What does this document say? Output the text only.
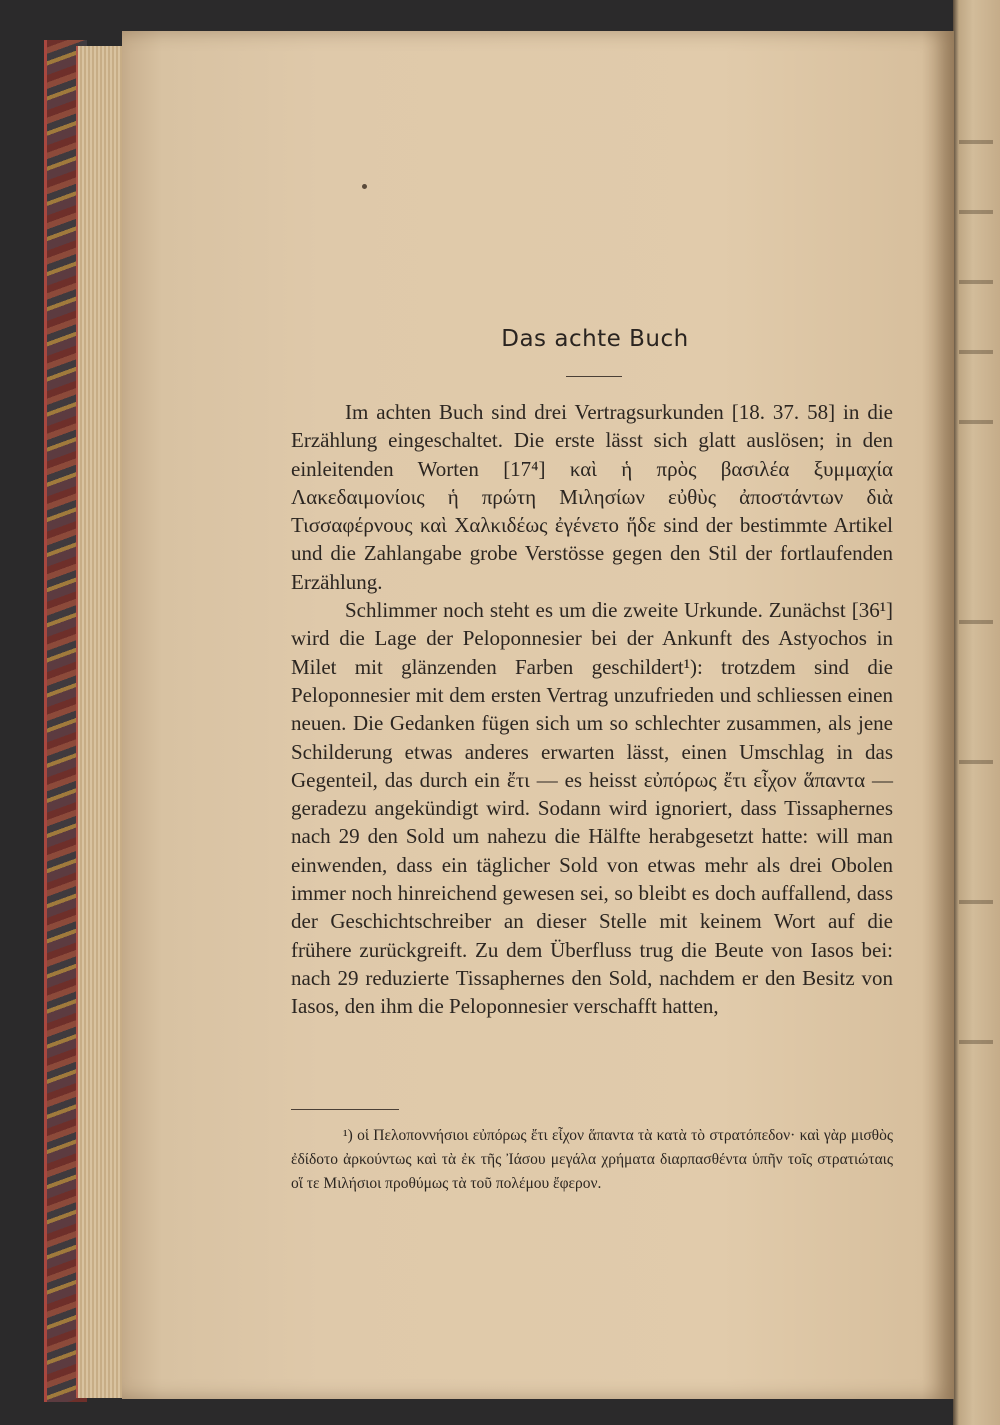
Das achte Buch

Im achten Buch sind drei Vertragsurkunden [18. 37. 58] in die Erzählung eingeschaltet. Die erste lässt sich glatt auslösen; in den einleitenden Worten [17⁴] καὶ ἡ πρὸς βασιλέα ξυμμαχία Λακεδαιμονίοις ἡ πρώτη Μιλησίων εὐθὺς ἀποστάντων διὰ Τισσαφέρνους καὶ Χαλκιδέως ἐγένετο ἥδε sind der bestimmte Artikel und die Zahlangabe grobe Verstösse gegen den Stil der fortlaufenden Erzählung.

Schlimmer noch steht es um die zweite Urkunde. Zunächst [36¹] wird die Lage der Peloponnesier bei der Ankunft des Astyochos in Milet mit glänzenden Farben geschildert¹): trotzdem sind die Peloponnesier mit dem ersten Vertrag unzufrieden und schliessen einen neuen. Die Gedanken fügen sich um so schlechter zusammen, als jene Schilderung etwas anderes erwarten lässt, einen Umschlag in das Gegenteil, das durch ein ἔτι — es heisst εὐπόρως ἔτι εἶχον ἅπαντα — geradezu angekündigt wird. Sodann wird ignoriert, dass Tissaphernes nach 29 den Sold um nahezu die Hälfte herabgesetzt hatte: will man einwenden, dass ein täglicher Sold von etwas mehr als drei Obolen immer noch hinreichend gewesen sei, so bleibt es doch auffallend, dass der Geschichtschreiber an dieser Stelle mit keinem Wort auf die frühere zurückgreift. Zu dem Überfluss trug die Beute von Iasos bei: nach 29 reduzierte Tissaphernes den Sold, nachdem er den Besitz von Iasos, den ihm die Peloponnesier verschafft hatten,

¹) οἱ Πελοποννήσιοι εὐπόρως ἔτι εἶχον ἅπαντα τὰ κατὰ τὸ στρατόπεδον· καὶ γὰρ μισθὸς ἐδίδοτο ἀρκούντως καὶ τὰ ἐκ τῆς Ἰάσου μεγάλα χρήματα διαρπασθέντα ὑπῆν τοῖς στρατιώταις οἵ τε Μιλήσιοι προθύμως τὰ τοῦ πολέμου ἔφερον.
